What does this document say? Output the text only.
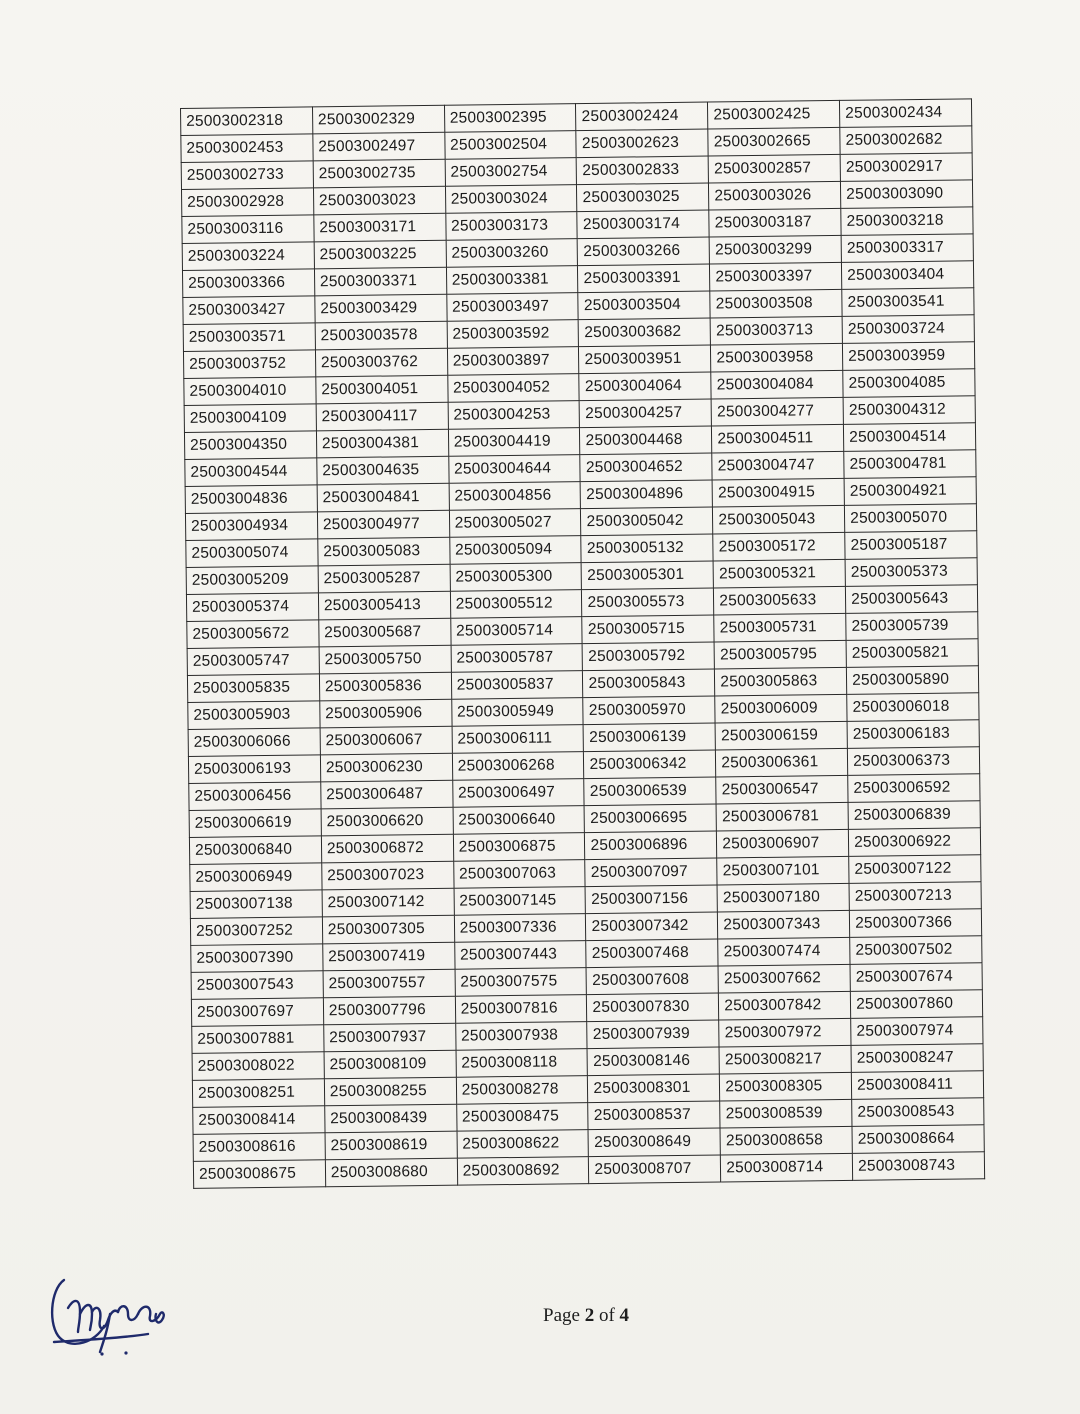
25003002318	25003002329	25003002395	25003002424	25003002425	25003002434
25003002453	25003002497	25003002504	25003002623	25003002665	25003002682
25003002733	25003002735	25003002754	25003002833	25003002857	25003002917
25003002928	25003003023	25003003024	25003003025	25003003026	25003003090
25003003116	25003003171	25003003173	25003003174	25003003187	25003003218
25003003224	25003003225	25003003260	25003003266	25003003299	25003003317
25003003366	25003003371	25003003381	25003003391	25003003397	25003003404
25003003427	25003003429	25003003497	25003003504	25003003508	25003003541
25003003571	25003003578	25003003592	25003003682	25003003713	25003003724
25003003752	25003003762	25003003897	25003003951	25003003958	25003003959
25003004010	25003004051	25003004052	25003004064	25003004084	25003004085
25003004109	25003004117	25003004253	25003004257	25003004277	25003004312
25003004350	25003004381	25003004419	25003004468	25003004511	25003004514
25003004544	25003004635	25003004644	25003004652	25003004747	25003004781
25003004836	25003004841	25003004856	25003004896	25003004915	25003004921
25003004934	25003004977	25003005027	25003005042	25003005043	25003005070
25003005074	25003005083	25003005094	25003005132	25003005172	25003005187
25003005209	25003005287	25003005300	25003005301	25003005321	25003005373
25003005374	25003005413	25003005512	25003005573	25003005633	25003005643
25003005672	25003005687	25003005714	25003005715	25003005731	25003005739
25003005747	25003005750	25003005787	25003005792	25003005795	25003005821
25003005835	25003005836	25003005837	25003005843	25003005863	25003005890
25003005903	25003005906	25003005949	25003005970	25003006009	25003006018
25003006066	25003006067	25003006111	25003006139	25003006159	25003006183
25003006193	25003006230	25003006268	25003006342	25003006361	25003006373
25003006456	25003006487	25003006497	25003006539	25003006547	25003006592
25003006619	25003006620	25003006640	25003006695	25003006781	25003006839
25003006840	25003006872	25003006875	25003006896	25003006907	25003006922
25003006949	25003007023	25003007063	25003007097	25003007101	25003007122
25003007138	25003007142	25003007145	25003007156	25003007180	25003007213
25003007252	25003007305	25003007336	25003007342	25003007343	25003007366
25003007390	25003007419	25003007443	25003007468	25003007474	25003007502
25003007543	25003007557	25003007575	25003007608	25003007662	25003007674
25003007697	25003007796	25003007816	25003007830	25003007842	25003007860
25003007881	25003007937	25003007938	25003007939	25003007972	25003007974
25003008022	25003008109	25003008118	25003008146	25003008217	25003008247
25003008251	25003008255	25003008278	25003008301	25003008305	25003008411
25003008414	25003008439	25003008475	25003008537	25003008539	25003008543
25003008616	25003008619	25003008622	25003008649	25003008658	25003008664
25003008675	25003008680	25003008692	25003008707	25003008714	25003008743
Page 2 of 4
